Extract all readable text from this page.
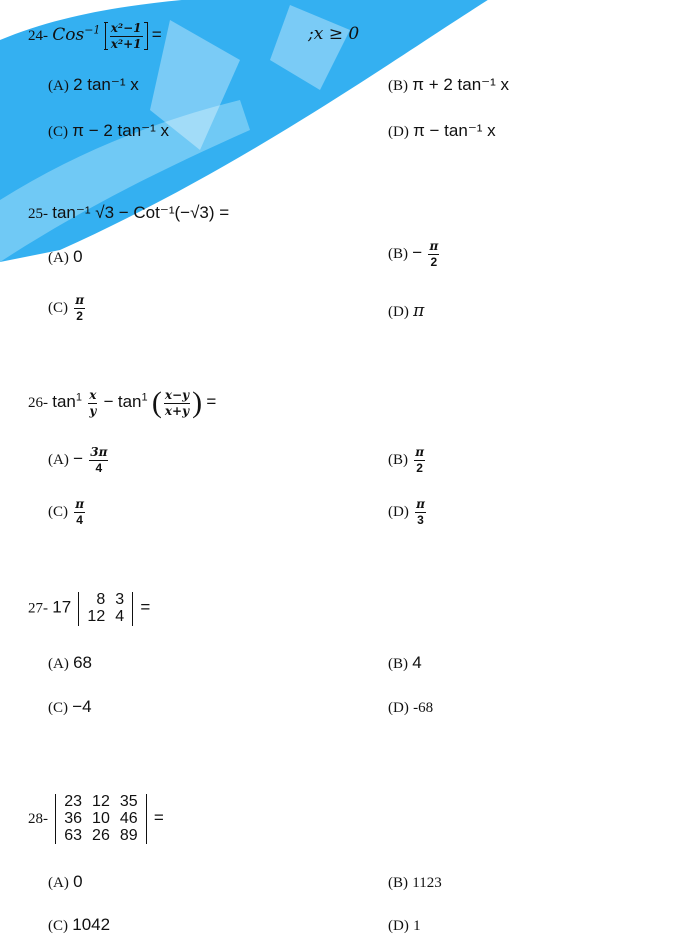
24- $Cos^{-1} \frac{\text{x²−1}}{\text{x²+1}}$ =	;x ≥ 0
(A) 2 tan⁻¹ x	(B) π + 2 tan⁻¹ x
(C) π − 2 tan⁻¹ x	(D) π − tan⁻¹ x
25- tan⁻¹ √3 − Cot⁻¹(−√3) =
(A) 0	$(B) - \frac{\pi}{2}$
$(C) \frac{\pi}{2}$	(D) π
26- $\tan^1 \frac{x}{y} - \tan^1$ ( $\frac{x-y}{x+y}$ ) =
$(A) - \frac{3\pi}{4}$	$(B) \frac{\pi}{2}$
$(C) \frac{\pi}{4}$	$(D) \frac{\pi}{3}$
27- 17 8	3
12	4 =
(A) 68	(B) 4
(C) −4	(D) -68
28-
23	12	35
36	10	46
63	26	89
=
(A) 0	(B) 1123
(C) 1042	(D) 1
